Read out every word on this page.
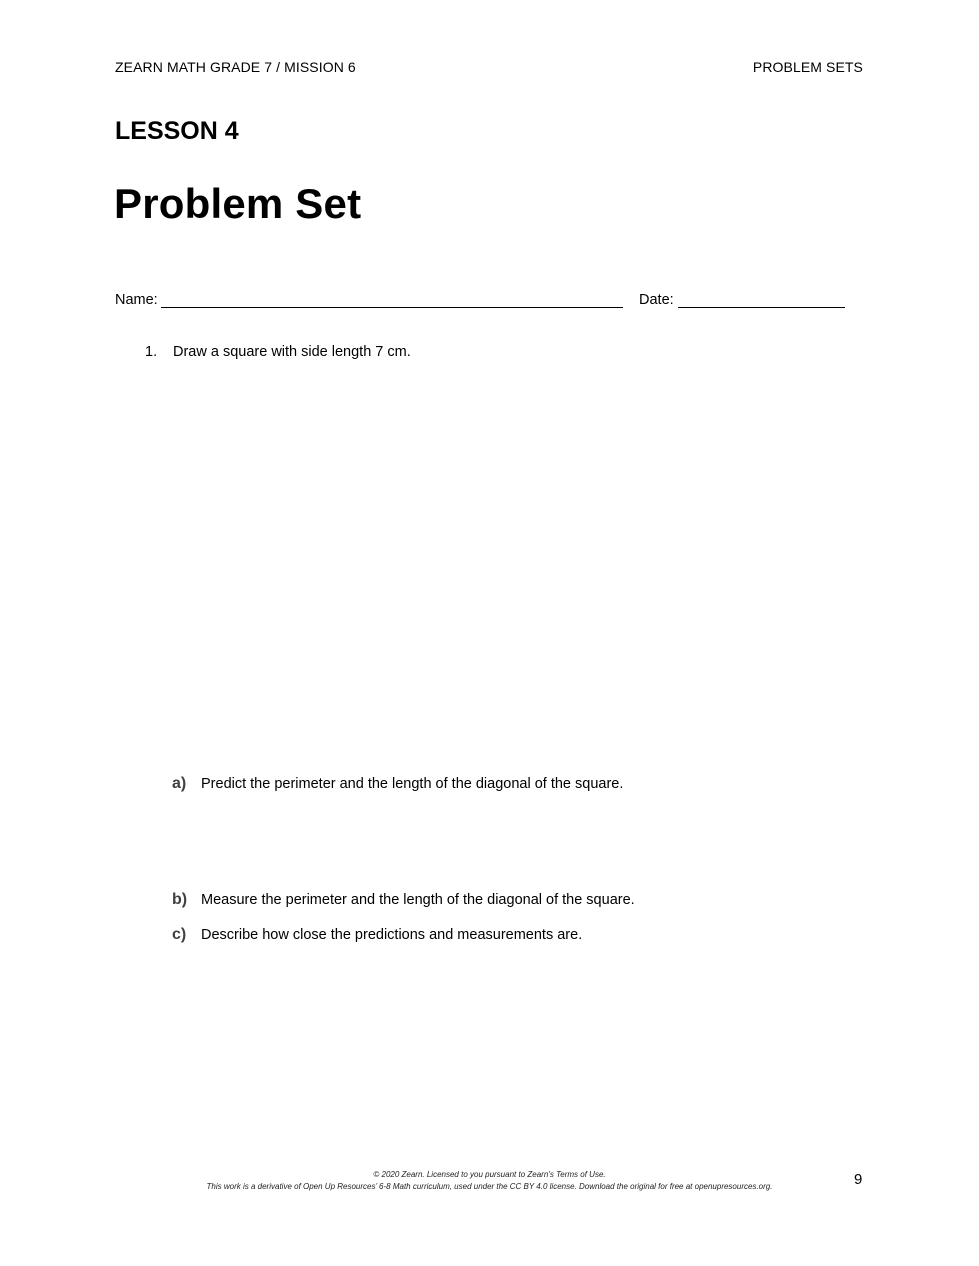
ZEARN MATH GRADE 7 / MISSION 6	PROBLEM SETS
LESSON 4
Problem Set
Name:	Date:
1. Draw a square with side length 7 cm.
a) Predict the perimeter and the length of the diagonal of the square.
b) Measure the perimeter and the length of the diagonal of the square.
c) Describe how close the predictions and measurements are.
© 2020 Zearn. Licensed to you pursuant to Zearn’s Terms of Use.
This work is a derivative of Open Up Resources’ 6-8 Math curriculum, used under the CC BY 4.0 license. Download the original for free at openupresources.org.	9
